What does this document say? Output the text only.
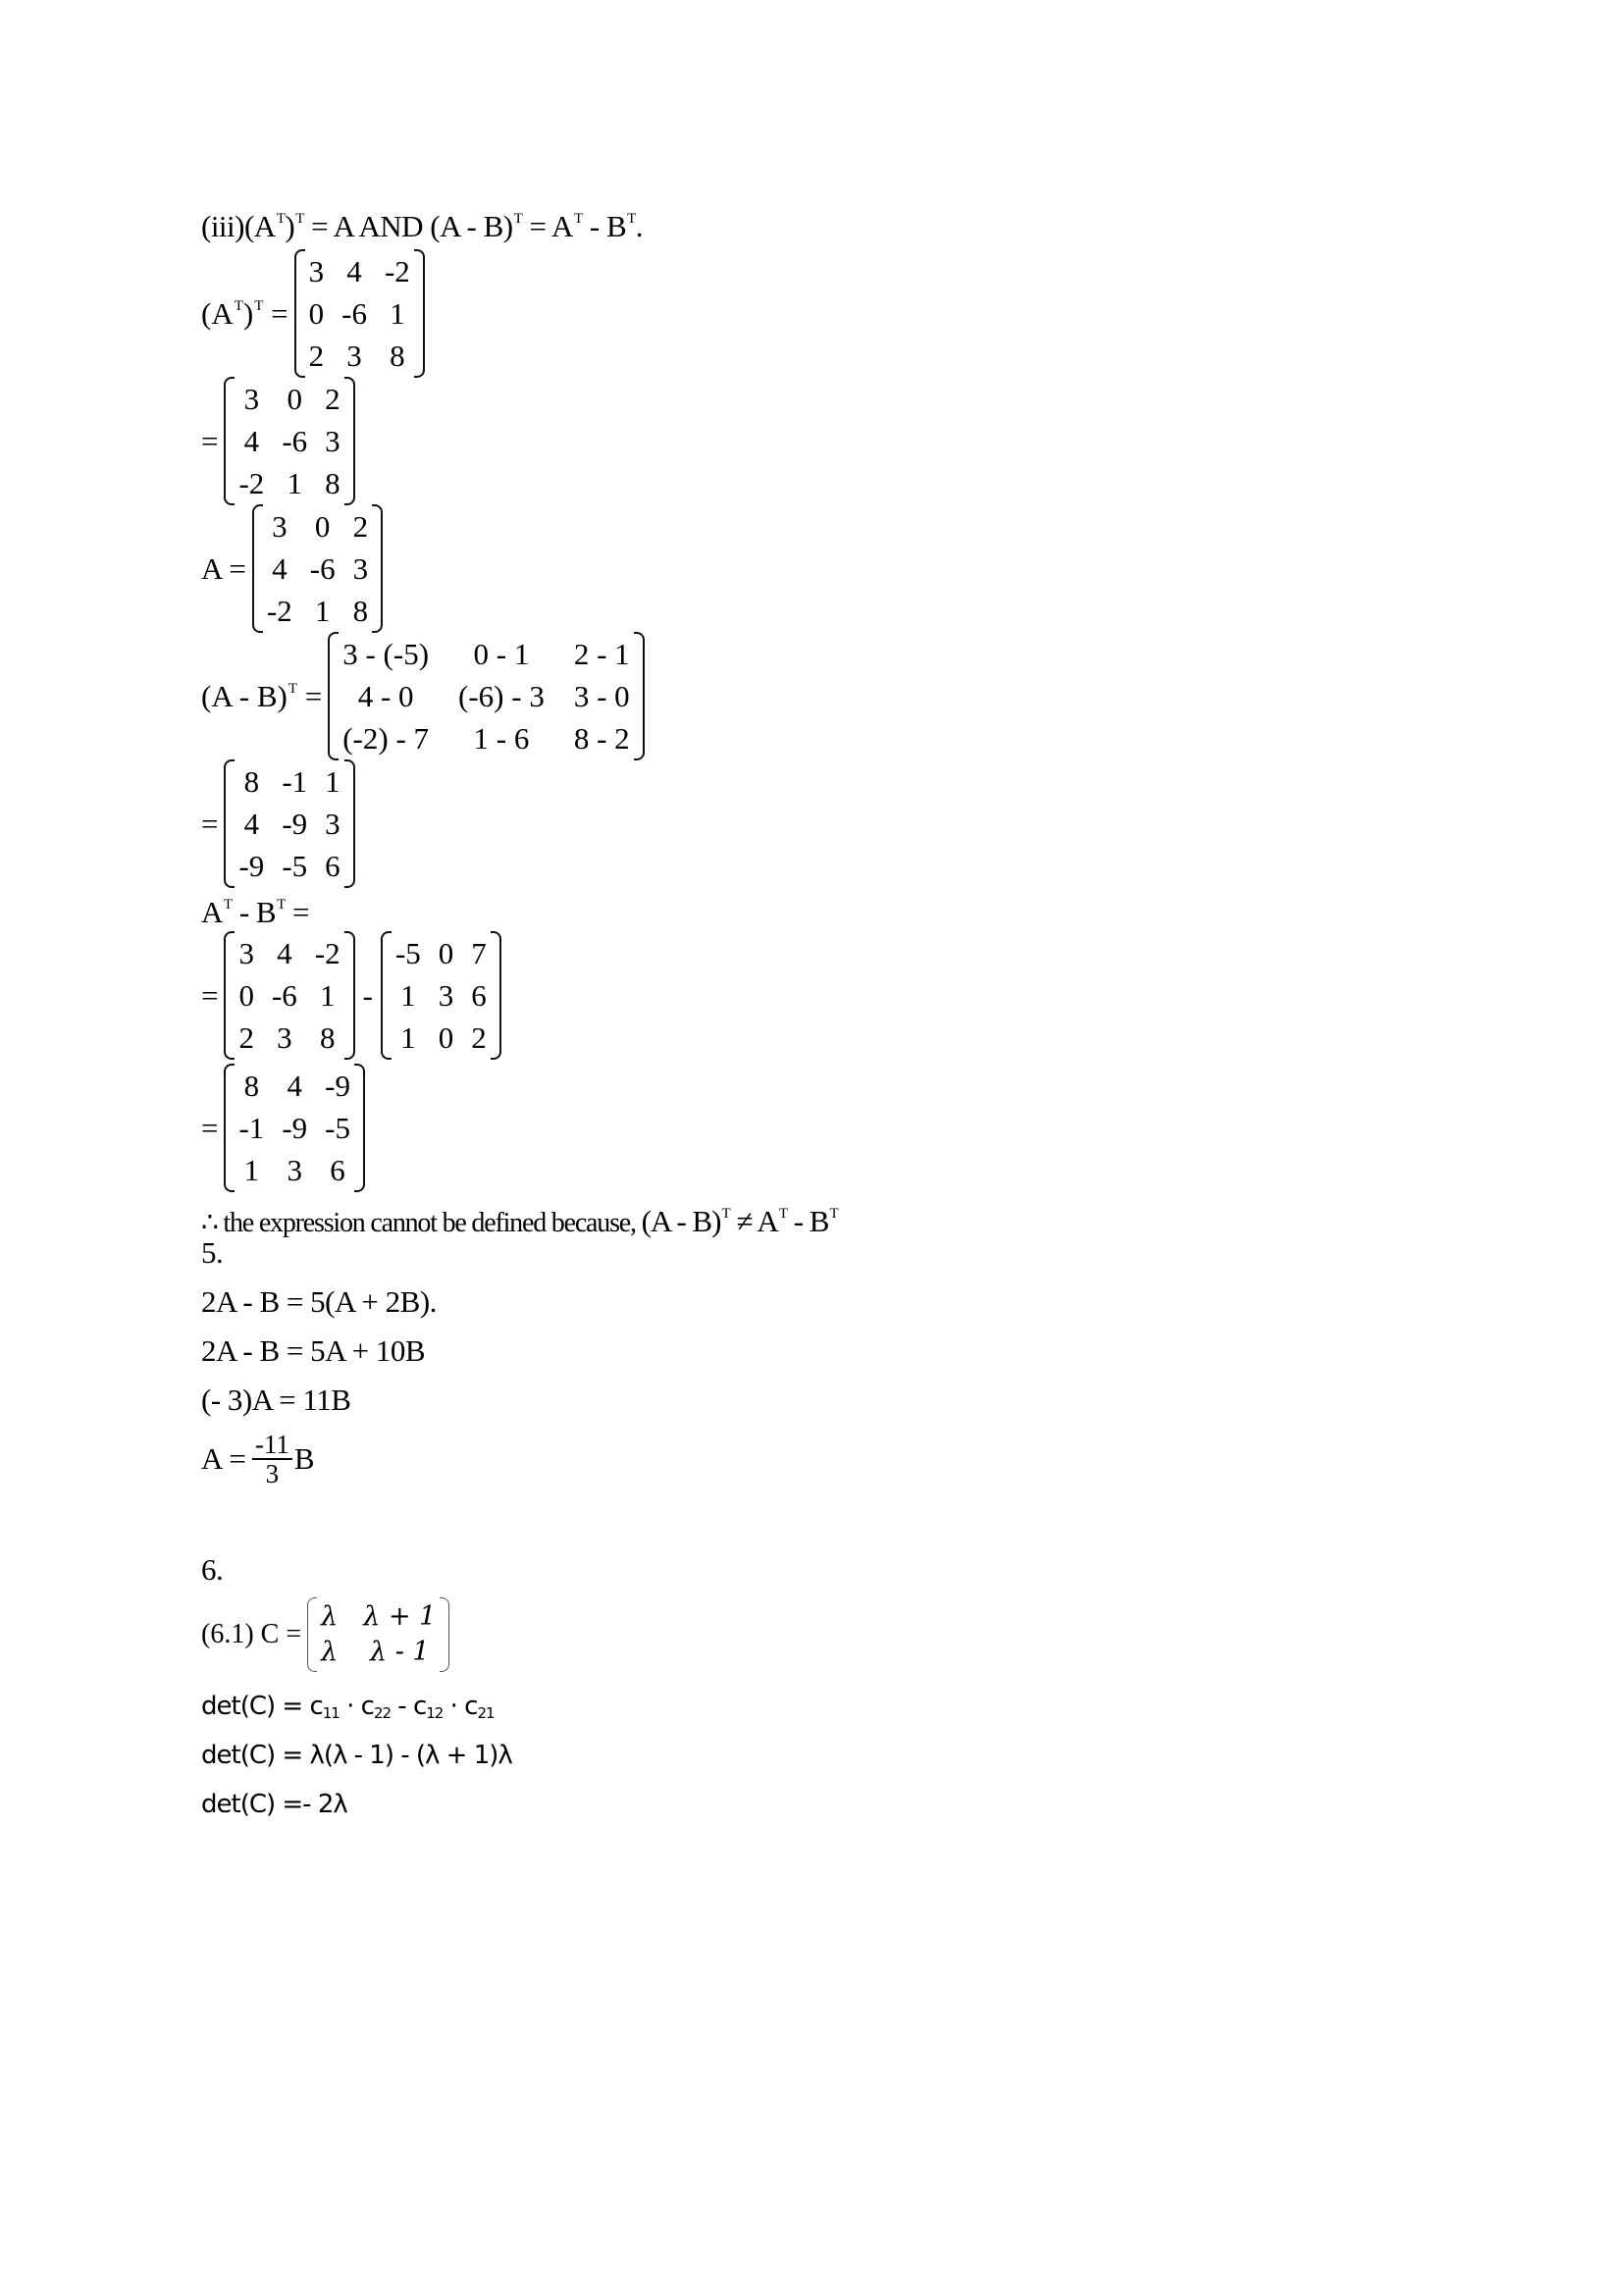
$(iii)(A^T)^T = A$ AND $(A - B)^T = A^T - B^T$.
$(A^T)^T$ =
3 4 -2
0 -6 1
2 3 8
=
3 0 2
4 -6 3
-2 1 8
A =
3 0 2
4 -6 3
-2 1 8
(A - B)$^T$ =
3 - (-5) 0 - 1 2 - 1
4 - 0 (-6) - 3 3 - 0
(-2) - 7 1 - 6 8 - 2
=
8 -1 1
4 -9 3
-9 -5 6
$A^T - B^T$ =
=
3 4 -2
0 -6 1
2 3 8
-
-5 0 7
1 3 6
1 0 2
=
8 4 -9
-1 -9 -5
1 3 6
∴ the expression cannot be defined because, $(A - B)^T \ne A^T - B^T$
5.
2A - B = 5(A + 2B).
2A - B = 5A + 10B
(- 3)A = 11B
$A = \frac{-11}{3}$ B
6.
(6.1) C =
λ λ + 1
λ λ - 1
$\det(C) = c_{11} \cdot c_{22} - c_{12} \cdot c_{21}$
det(C) = λ(λ - 1) - (λ + 1)λ
det(C) =- 2λ
